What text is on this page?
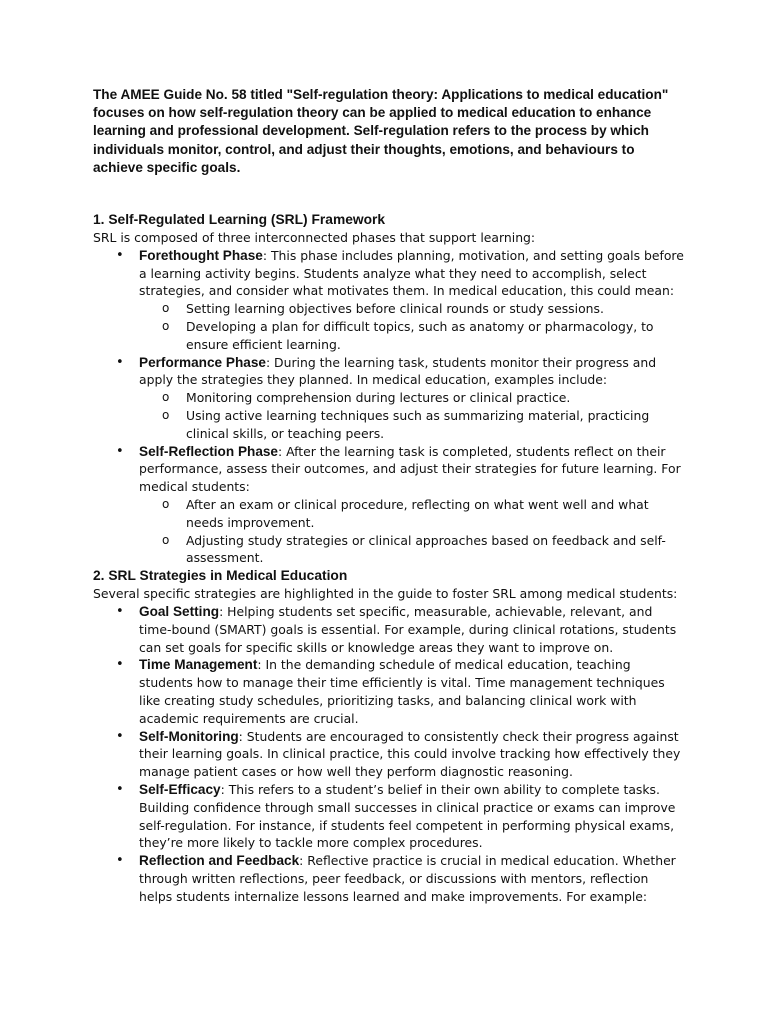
The AMEE Guide No. 58 titled "Self-regulation theory: Applications to medical education" focuses on how self-regulation theory can be applied to medical education to enhance learning and professional development. Self-regulation refers to the process by which individuals monitor, control, and adjust their thoughts, emotions, and behaviours to achieve specific goals.

1. Self-Regulated Learning (SRL) Framework

SRL is composed of three interconnected phases that support learning:

• Forethought Phase: This phase includes planning, motivation, and setting goals before a learning activity begins. Students analyze what they need to accomplish, select strategies, and consider what motivates them. In medical education, this could mean:
o Setting learning objectives before clinical rounds or study sessions.
o Developing a plan for difficult topics, such as anatomy or pharmacology, to ensure efficient learning.
• Performance Phase: During the learning task, students monitor their progress and apply the strategies they planned. In medical education, examples include:
o Monitoring comprehension during lectures or clinical practice.
o Using active learning techniques such as summarizing material, practicing clinical skills, or teaching peers.
• Self-Reflection Phase: After the learning task is completed, students reflect on their performance, assess their outcomes, and adjust their strategies for future learning. For medical students:
o After an exam or clinical procedure, reflecting on what went well and what needs improvement.
o Adjusting study strategies or clinical approaches based on feedback and self-assessment.

2. SRL Strategies in Medical Education

Several specific strategies are highlighted in the guide to foster SRL among medical students:

• Goal Setting: Helping students set specific, measurable, achievable, relevant, and time-bound (SMART) goals is essential. For example, during clinical rotations, students can set goals for specific skills or knowledge areas they want to improve on.
• Time Management: In the demanding schedule of medical education, teaching students how to manage their time efficiently is vital. Time management techniques like creating study schedules, prioritizing tasks, and balancing clinical work with academic requirements are crucial.
• Self-Monitoring: Students are encouraged to consistently check their progress against their learning goals. In clinical practice, this could involve tracking how effectively they manage patient cases or how well they perform diagnostic reasoning.
• Self-Efficacy: This refers to a student’s belief in their own ability to complete tasks. Building confidence through small successes in clinical practice or exams can improve self-regulation. For instance, if students feel competent in performing physical exams, they’re more likely to tackle more complex procedures.
• Reflection and Feedback: Reflective practice is crucial in medical education. Whether through written reflections, peer feedback, or discussions with mentors, reflection helps students internalize lessons learned and make improvements. For example:
